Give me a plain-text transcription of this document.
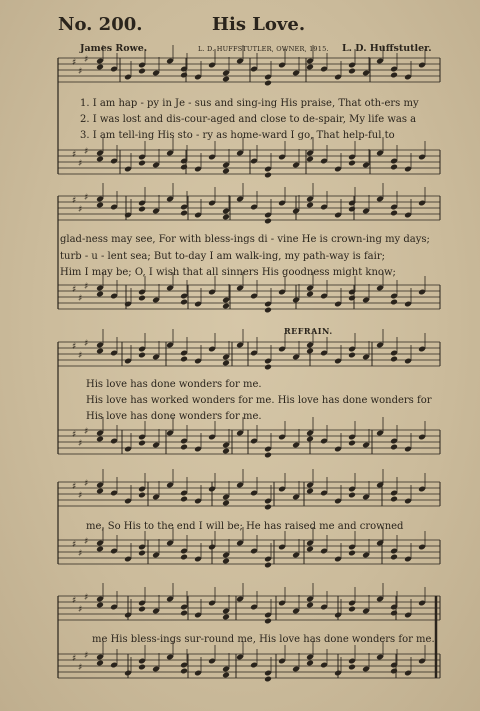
No. 200.	His Love.
James Rowe.	L. D. HUFFSTUTLER, OWNER, 1915. L. D. Huffstutler.
♯
♯
♯
♯
♯
♯
♯
♯
♯
♯
♯
♯
♯
♯
♯
♯
♯
♯
♯
♯
♯
♯
♯
♯
♯
♯
♯
♯
♯
♯
1. I am hap - py in Je - sus and sing-ing His praise, That oth-ers my
2. I was lost and dis-cour-aged and close to de-spair, My life was a
3. I am tell-ing His sto - ry as home-ward I go, That help-ful to
glad-ness may see, For with bless-ings di - vine He is crown-ing my days;
turb - u - lent sea; But to-day I am walk-ing, my path-way is fair;
Him I may be; O, I wish that all sinners His goodness might know;
REFRAIN.
His love has done wonders for me.
His love has worked wonders for me. His love has done wonders for
His love has done wonders for me.
me, So His to the end I will be; He has raised me and crowned
me His bless-ings sur-round me, His love has done wonders for me.
